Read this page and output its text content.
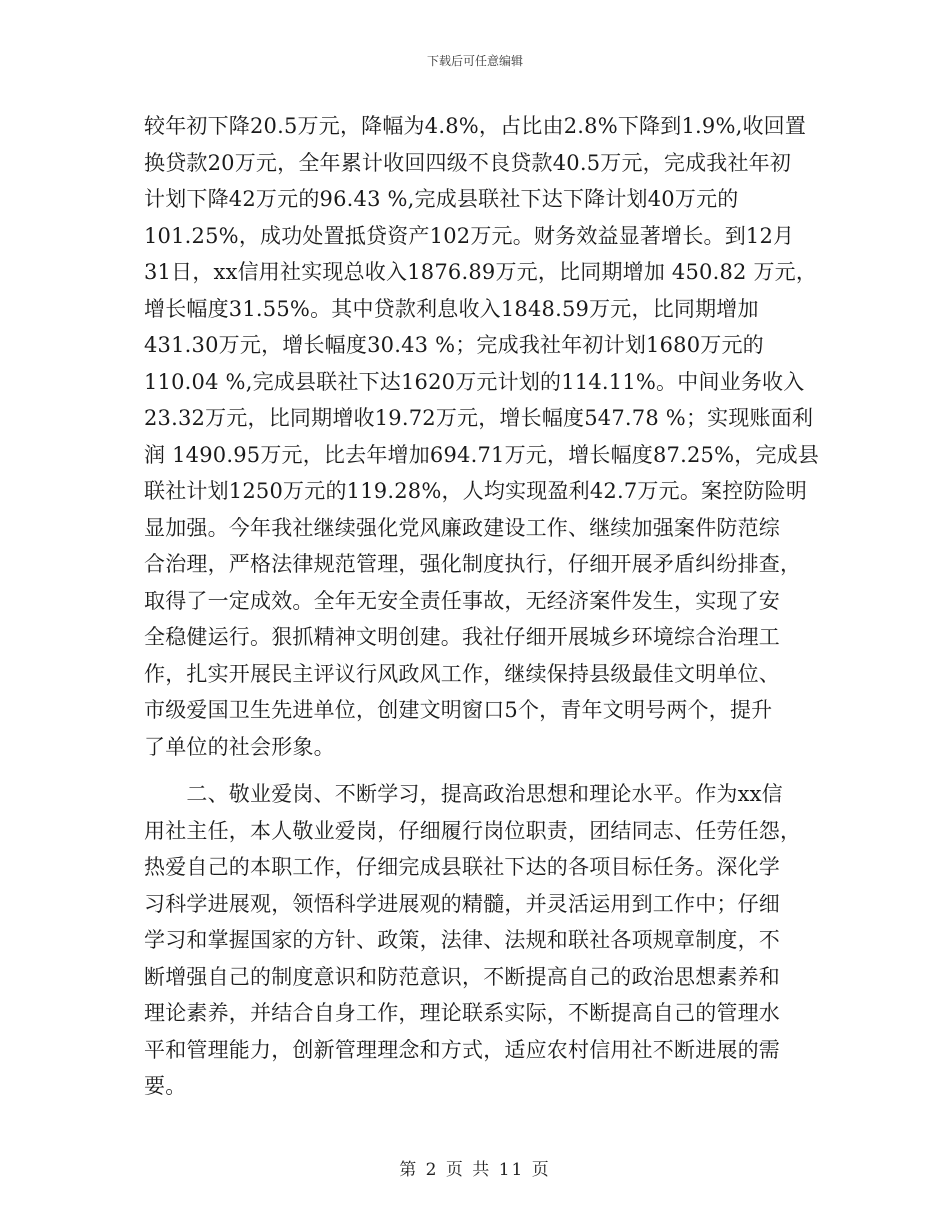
下载后可任意编辑
较年初下降20.5万元，降幅为4.8%，占比由2.8%下降到1.9%,收回置
换贷款20万元，全年累计收回四级不良贷款40.5万元，完成我社年初
计划下降42万元的96.43 %,完成县联社下达下降计划40万元的
101.25%，成功处置抵贷资产102万元。财务效益显著增长。到12月
31日，xx信用社实现总收入1876.89万元，比同期增加 450.82 万元，
增长幅度31.55%。其中贷款利息收入1848.59万元，比同期增加
431.30万元，增长幅度30.43 %；完成我社年初计划1680万元的
110.04 %,完成县联社下达1620万元计划的114.11%。中间业务收入
23.32万元，比同期增收19.72万元，增长幅度547.78 %；实现账面利
润 1490.95万元，比去年增加694.71万元，增长幅度87.25%，完成县
联社计划1250万元的119.28%，人均实现盈利42.7万元。案控防险明
显加强。今年我社继续强化党风廉政建设工作、继续加强案件防范综
合治理，严格法律规范管理，强化制度执行，仔细开展矛盾纠纷排查，
取得了一定成效。全年无安全责任事故，无经济案件发生，实现了安
全稳健运行。狠抓精神文明创建。我社仔细开展城乡环境综合治理工
作，扎实开展民主评议行风政风工作，继续保持县级最佳文明单位、
市级爱国卫生先进单位，创建文明窗口5个，青年文明号两个，提升
了单位的社会形象。
　　二、敬业爱岗、不断学习，提高政治思想和理论水平。作为xx信
用社主任，本人敬业爱岗，仔细履行岗位职责，团结同志、任劳任怨，
热爱自己的本职工作，仔细完成县联社下达的各项目标任务。深化学
习科学进展观，领悟科学进展观的精髓，并灵活运用到工作中；仔细
学习和掌握国家的方针、政策，法律、法规和联社各项规章制度，不
断增强自己的制度意识和防范意识，不断提高自己的政治思想素养和
理论素养，并结合自身工作，理论联系实际，不断提高自己的管理水
平和管理能力，创新管理理念和方式，适应农村信用社不断进展的需
要。
第 2 页 共 11 页
